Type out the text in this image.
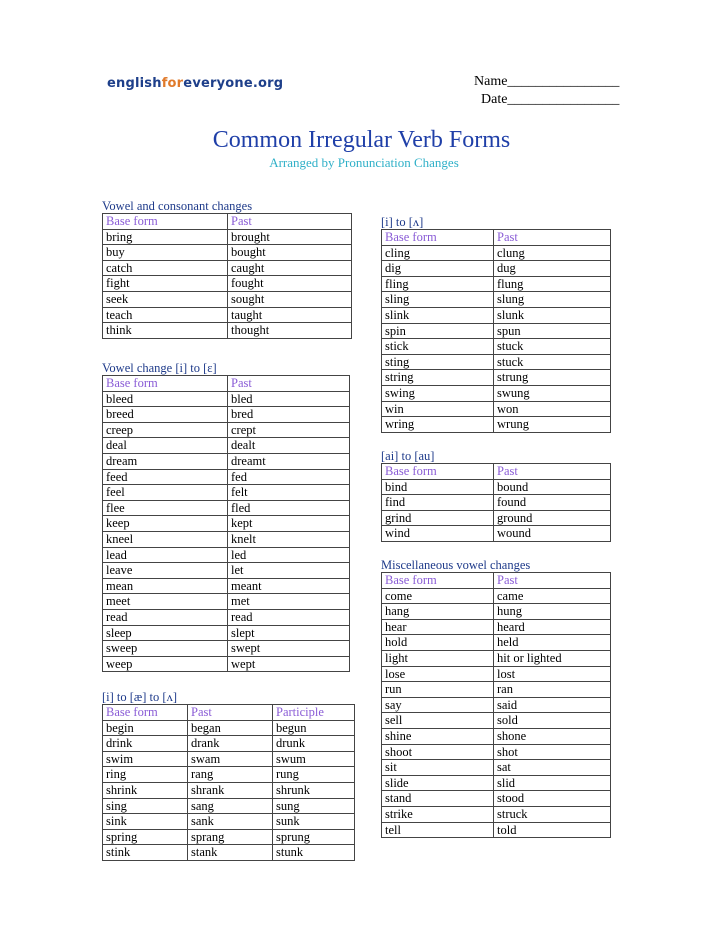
englishforeveryone.org	Name________________
Date________________
Common Irregular Verb Forms
Arranged by Pronunciation Changes
Vowel and consonant changes
Base form	Past
bring	brought
buy	bought
catch	caught
fight	fought
seek	sought
teach	taught
think	thought
Vowel change [i] to [ɛ]
Base form	Past
bleed	bled
breed	bred
creep	crept
deal	dealt
dream	dreamt
feed	fed
feel	felt
flee	fled
keep	kept
kneel	knelt
lead	led
leave	let
mean	meant
meet	met
read	read
sleep	slept
sweep	swept
weep	wept
[i] to [æ] to [ʌ]
Base form	Past	Participle
begin	began	begun
drink	drank	drunk
swim	swam	swum
ring	rang	rung
shrink	shrank	shrunk
sing	sang	sung
sink	sank	sunk
spring	sprang	sprung
stink	stank	stunk
[i] to [ʌ]
Base form	Past
cling	clung
dig	dug
fling	flung
sling	slung
slink	slunk
spin	spun
stick	stuck
sting	stuck
string	strung
swing	swung
win	won
wring	wrung
[ai] to [au]
Base form	Past
bind	bound
find	found
grind	ground
wind	wound
Miscellaneous vowel changes
Base form	Past
come	came
hang	hung
hear	heard
hold	held
light	hit or lighted
lose	lost
run	ran
say	said
sell	sold
shine	shone
shoot	shot
sit	sat
slide	slid
stand	stood
strike	struck
tell	told
